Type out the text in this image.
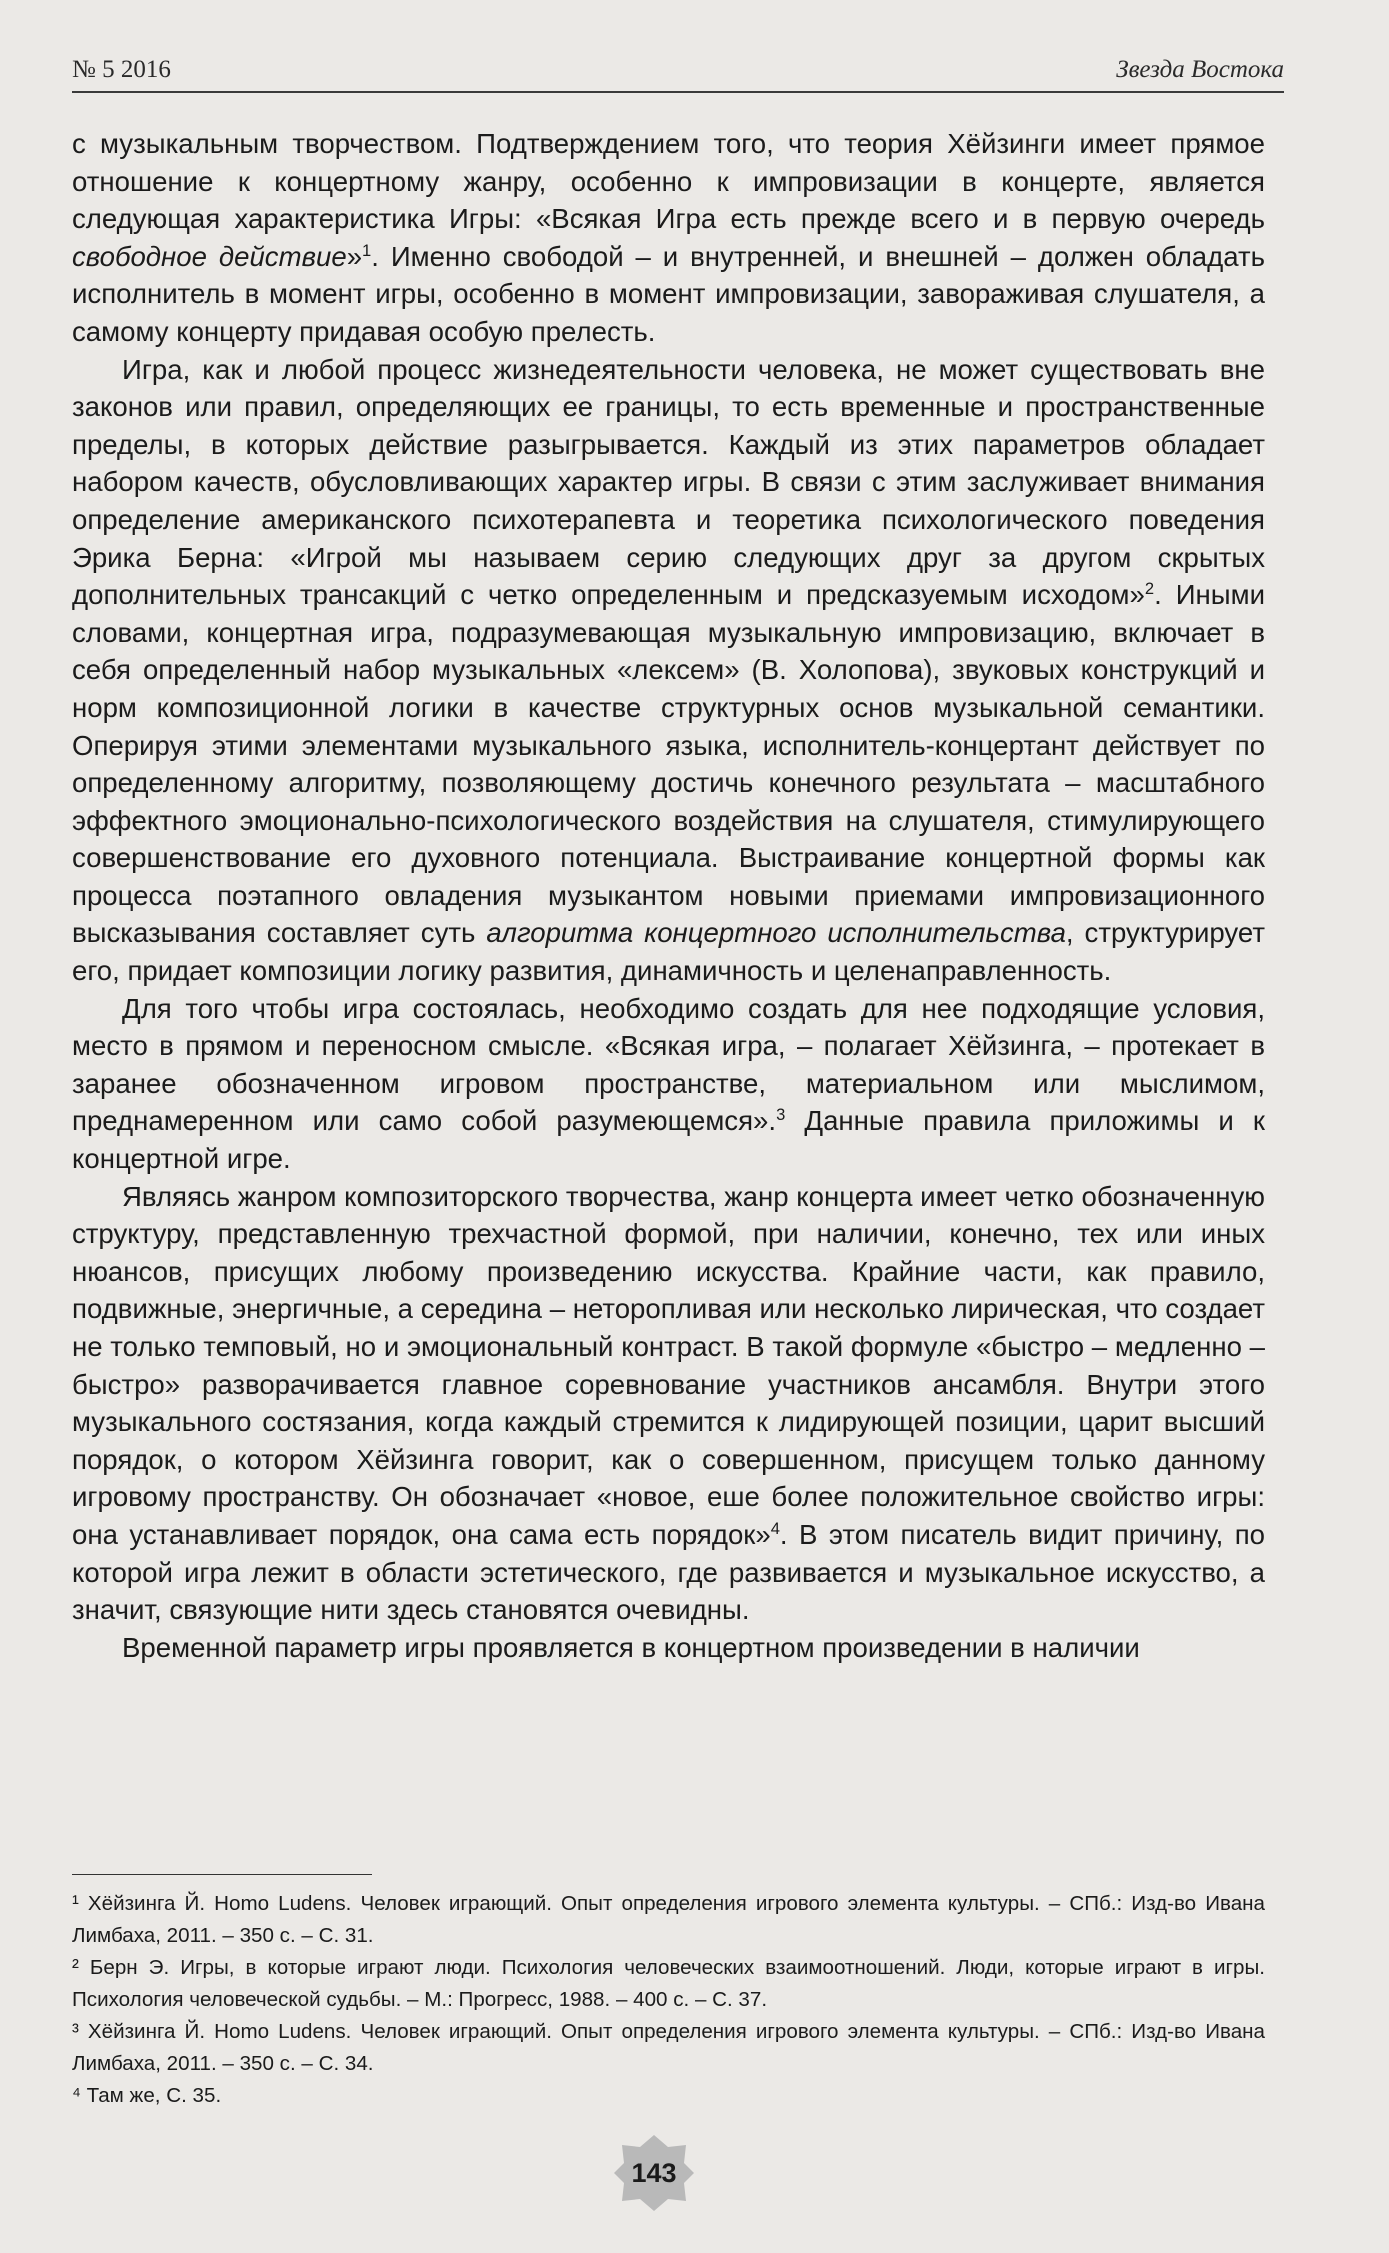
№ 5 2016	Звезда Востока

с музыкальным творчеством. Подтверждением того, что теория Хёйзинги имеет прямое отношение к концертному жанру, особенно к импровизации в концерте, является следующая характеристика Игры: «Всякая Игра есть прежде всего и в первую очередь свободное действие»$^1$. Именно свободой – и внутренней, и внешней – должен обладать исполнитель в момент игры, особенно в момент импровизации, завораживая слушателя, а самому концерту придавая особую прелесть.

Игра, как и любой процесс жизнедеятельности человека, не может существовать вне законов или правил, определяющих ее границы, то есть временные и пространственные пределы, в которых действие разыгрывается. Каждый из этих параметров обладает набором качеств, обусловливающих характер игры. В связи с этим заслуживает внимания определение американского психотерапевта и теоретика психологического поведения Эрика Берна: «Игрой мы называем серию следующих друг за другом скрытых дополнительных трансакций с четко определенным и предсказуемым исходом»$^2$. Иными словами, концертная игра, подразумевающая музыкальную импровизацию, включает в себя определенный набор музыкальных «лексем» (В. Холопова), звуковых конструкций и норм композиционной логики в качестве структурных основ музыкальной семантики. Оперируя этими элементами музыкального языка, исполнитель-концертант действует по определенному алгоритму, позволяющему достичь конечного результата – масштабного эффектного эмоционально-психологического воздействия на слушателя, стимулирующего совершенствование его духовного потенциала. Выстраивание концертной формы как процесса поэтапного овладения музыкантом новыми приемами импровизационного высказывания составляет суть алгоритма концертного исполнительства, структурирует его, придает композиции логику развития, динамичность и целенаправленность.

Для того чтобы игра состоялась, необходимо создать для нее подходящие условия, место в прямом и переносном смысле. «Всякая игра, – полагает Хёйзинга, – протекает в заранее обозначенном игровом пространстве, материальном или мыслимом, преднамеренном или само собой разумеющемся».$^3$ Данные правила приложимы и к концертной игре.

Являясь жанром композиторского творчества, жанр концерта имеет четко обозначенную структуру, представленную трехчастной формой, при наличии, конечно, тех или иных нюансов, присущих любому произведению искусства. Крайние части, как правило, подвижные, энергичные, а середина – неторопливая или несколько лирическая, что создает не только темповый, но и эмоциональный контраст. В такой формуле «быстро – медленно – быстро» разворачивается главное соревнование участников ансамбля. Внутри этого музыкального состязания, когда каждый стремится к лидирующей позиции, царит высший порядок, о котором Хёйзинга говорит, как о совершенном, присущем только данному игровому пространству. Он обозначает «новое, еше более положительное свойство игры: она устанавливает порядок, она сама есть порядок»$^4$. В этом писатель видит причину, по которой игра лежит в области эстетического, где развивается и музыкальное искусство, а значит, связующие нити здесь становятся очевидны.

Временной параметр игры проявляется в концертном произведении в наличии

¹ Хёйзинга Й. Homo Ludens. Человек играющий. Опыт определения игрового элемента культуры. – СПб.: Изд-во Ивана Лимбаха, 2011. – 350 с. – С. 31.

² Берн Э. Игры, в которые играют люди. Психология человеческих взаимоотношений. Люди, которые играют в игры. Психология человеческой судьбы. – М.: Прогресс, 1988. – 400 с. – С. 37.

³ Хёйзинга Й. Homo Ludens. Человек играющий. Опыт определения игрового элемента культуры. – СПб.: Изд-во Ивана Лимбаха, 2011. – 350 с. – С. 34.

⁴ Там же, С. 35.

143
